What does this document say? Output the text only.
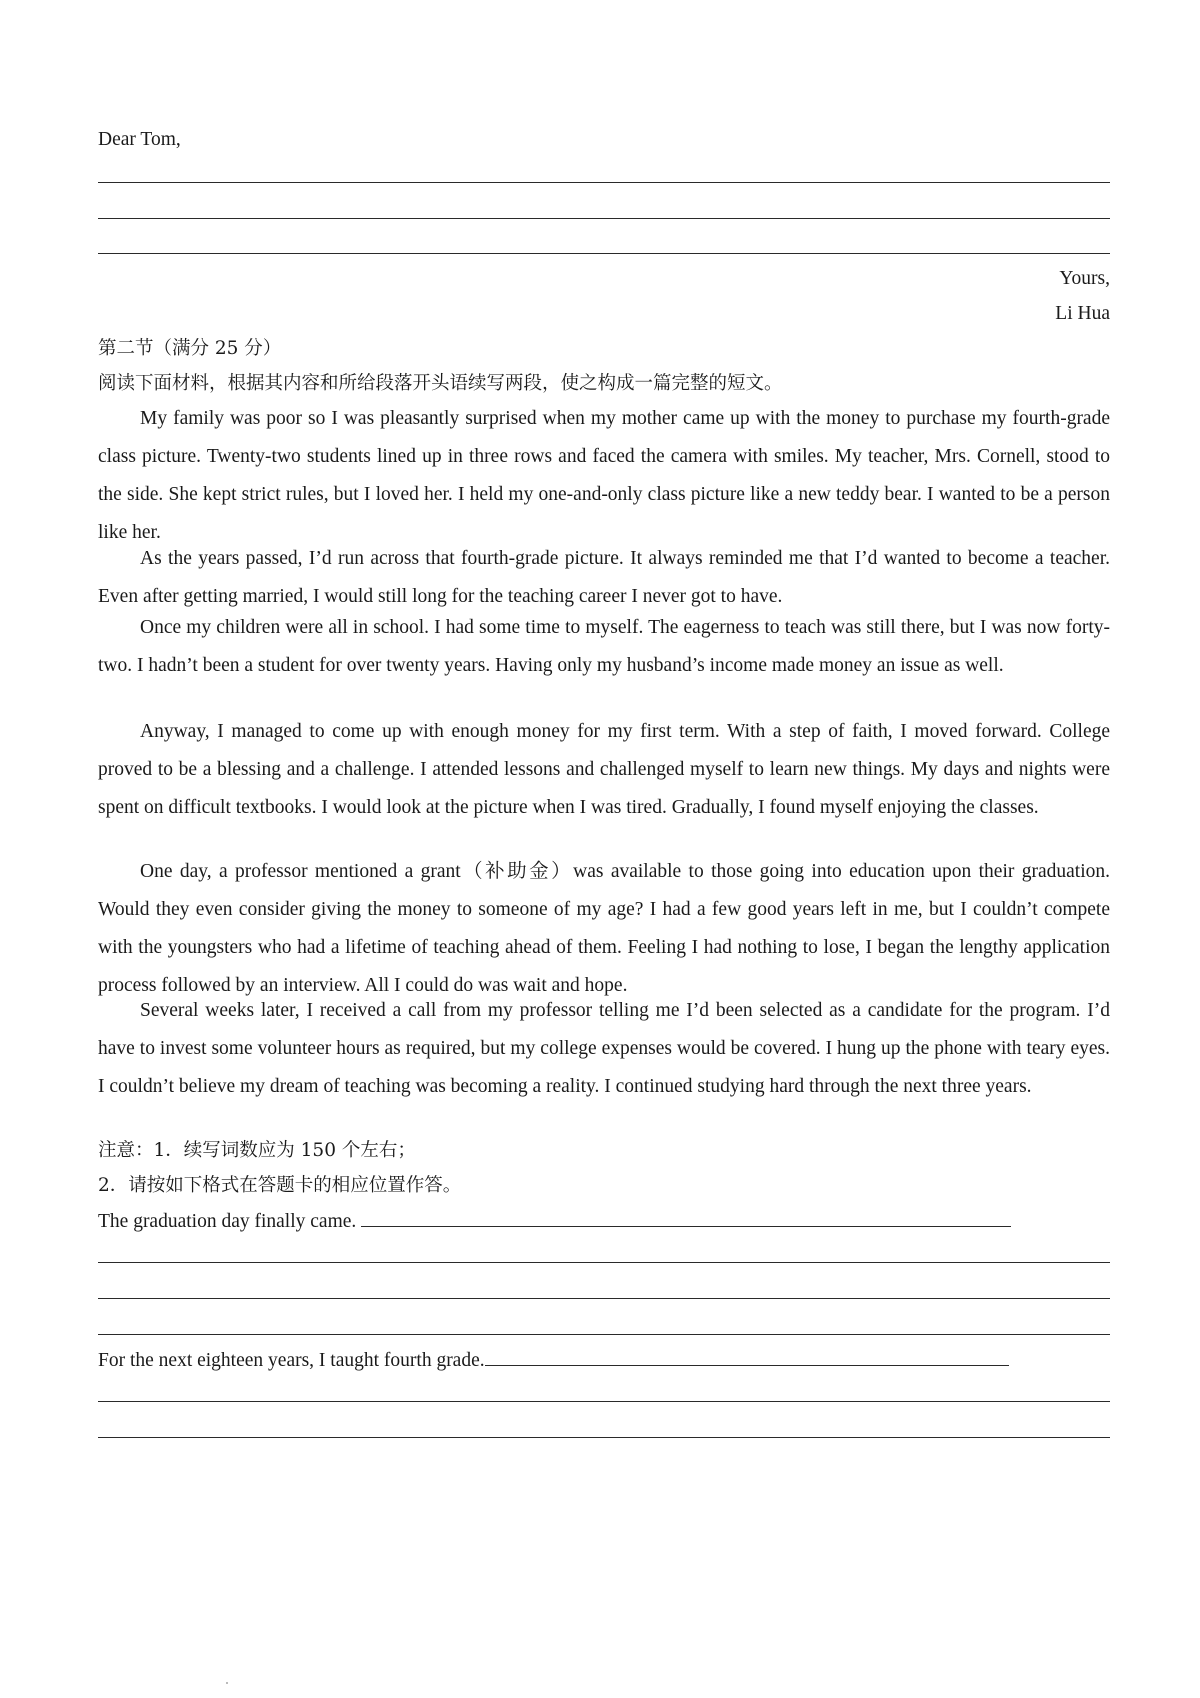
Dear Tom,
Yours,
Li Hua
第二节（满分 25 分）
阅读下面材料，根据其内容和所给段落开头语续写两段，使之构成一篇完整的短文。
My family was poor so I was pleasantly surprised when my mother came up with the money to purchase my fourth-grade class picture. Twenty-two students lined up in three rows and faced the camera with smiles. My teacher, Mrs. Cornell, stood to the side. She kept strict rules, but I loved her. I held my one-and-only class picture like a new teddy bear. I wanted to be a person like her.
As the years passed, I’d run across that fourth-grade picture. It always reminded me that I’d wanted to become a teacher. Even after getting married, I would still long for the teaching career I never got to have.
Once my children were all in school. I had some time to myself. The eagerness to teach was still there, but I was now forty-two. I hadn’t been a student for over twenty years. Having only my husband’s income made money an issue as well.
Anyway, I managed to come up with enough money for my first term. With a step of faith, I moved forward. College proved to be a blessing and a challenge. I attended lessons and challenged myself to learn new things. My days and nights were spent on difficult textbooks. I would look at the picture when I was tired. Gradually, I found myself enjoying the classes.
One day, a professor mentioned a grant（补助金）was available to those going into education upon their graduation. Would they even consider giving the money to someone of my age? I had a few good years left in me, but I couldn’t compete with the youngsters who had a lifetime of teaching ahead of them. Feeling I had nothing to lose, I began the lengthy application process followed by an interview. All I could do was wait and hope.
Several weeks later, I received a call from my professor telling me I’d been selected as a candidate for the program. I’d have to invest some volunteer hours as required, but my college expenses would be covered. I hung up the phone with teary eyes. I couldn’t believe my dream of teaching was becoming a reality. I continued studying hard through the next three years.
注意：1．续写词数应为 150 个左右；
2．请按如下格式在答题卡的相应位置作答。
The graduation day finally came.
For the next eighteen years, I taught fourth grade.
